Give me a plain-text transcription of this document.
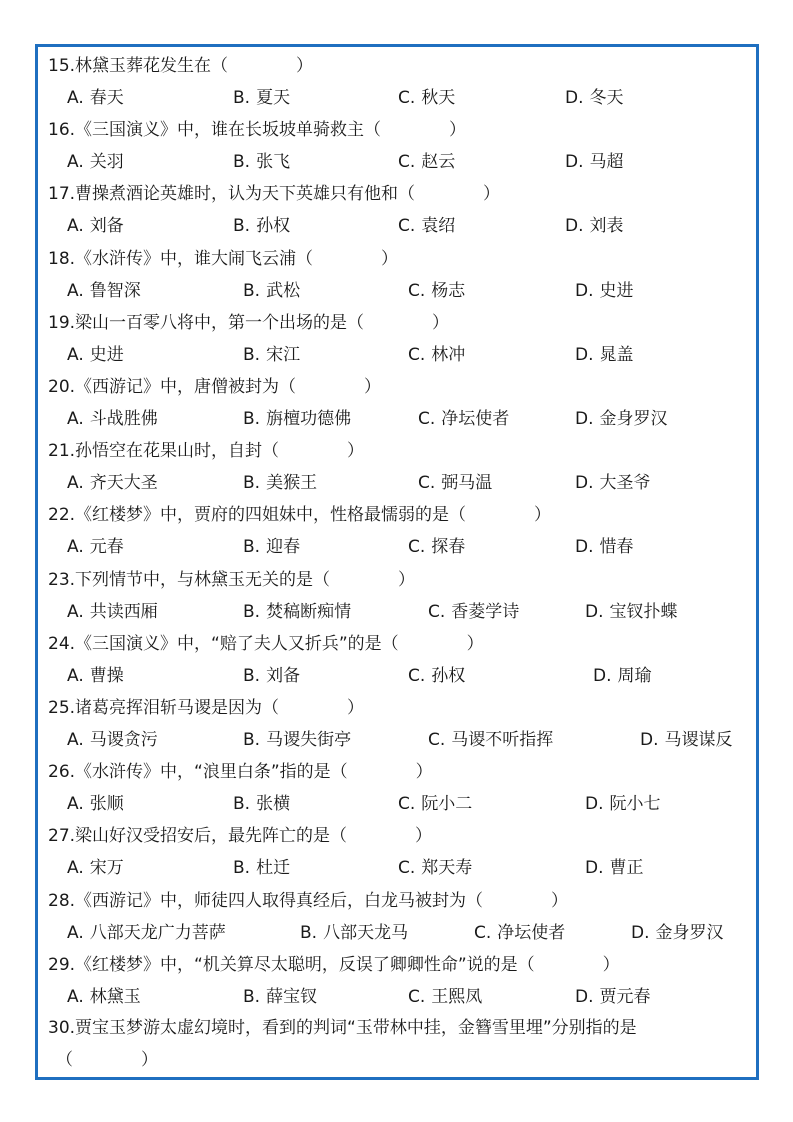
15.林黛玉葬花发生在（　　　　）
A. 春天	B. 夏天	C. 秋天	D. 冬天
16.《三国演义》中，谁在长坂坡单骑救主（　　　　）
A. 关羽	B. 张飞	C. 赵云	D. 马超
17.曹操煮酒论英雄时，认为天下英雄只有他和（　　　　）
A. 刘备	B. 孙权	C. 袁绍	D. 刘表
18.《水浒传》中，谁大闹飞云浦（　　　　）
A. 鲁智深	B. 武松	C. 杨志	D. 史进
19.梁山一百零八将中，第一个出场的是（　　　　）
A. 史进	B. 宋江	C. 林冲	D. 晁盖
20.《西游记》中，唐僧被封为（　　　　）
A. 斗战胜佛	B. 旃檀功德佛	C. 净坛使者	D. 金身罗汉
21.孙悟空在花果山时，自封（　　　　）
A. 齐天大圣	B. 美猴王	C. 弼马温	D. 大圣爷
22.《红楼梦》中，贾府的四姐妹中，性格最懦弱的是（　　　　）
A. 元春	B. 迎春	C. 探春	D. 惜春
23.下列情节中，与林黛玉无关的是（　　　　）
A. 共读西厢	B. 焚稿断痴情	C. 香菱学诗	D. 宝钗扑蝶
24.《三国演义》中，“赔了夫人又折兵”的是（　　　　）
A. 曹操	B. 刘备	C. 孙权	D. 周瑜
25.诸葛亮挥泪斩马谡是因为（　　　　）
A. 马谡贪污	B. 马谡失街亭	C. 马谡不听指挥	D. 马谡谋反
26.《水浒传》中，“浪里白条”指的是（　　　　）
A. 张顺	B. 张横	C. 阮小二	D. 阮小七
27.梁山好汉受招安后，最先阵亡的是（　　　　）
A. 宋万	B. 杜迁	C. 郑天寿	D. 曹正
28.《西游记》中，师徒四人取得真经后，白龙马被封为（　　　　）
A. 八部天龙广力菩萨	B. 八部天龙马	C. 净坛使者	D. 金身罗汉
29.《红楼梦》中，“机关算尽太聪明，反误了卿卿性命”说的是（　　　　）
A. 林黛玉	B. 薛宝钗	C. 王熙凤	D. 贾元春
30.贾宝玉梦游太虚幻境时，看到的判词“玉带林中挂，金簪雪里埋”分别指的是
（　　　　）
